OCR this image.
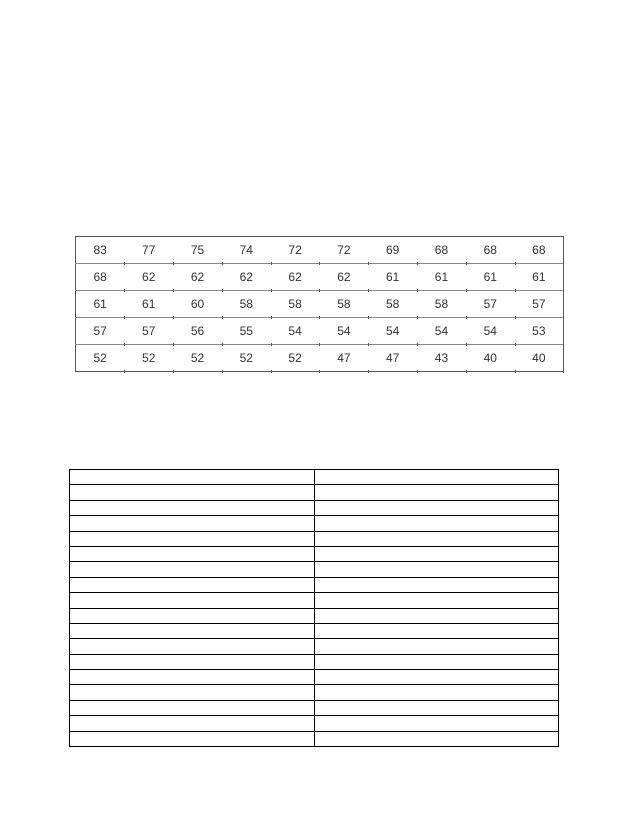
83	77	75	74	72	72	69	68	68	68
68	62	62	62	62	62	61	61	61	61
61	61	60	58	58	58	58	58	57	57
57	57	56	55	54	54	54	54	54	53
52	52	52	52	52	47	47	43	40	40
